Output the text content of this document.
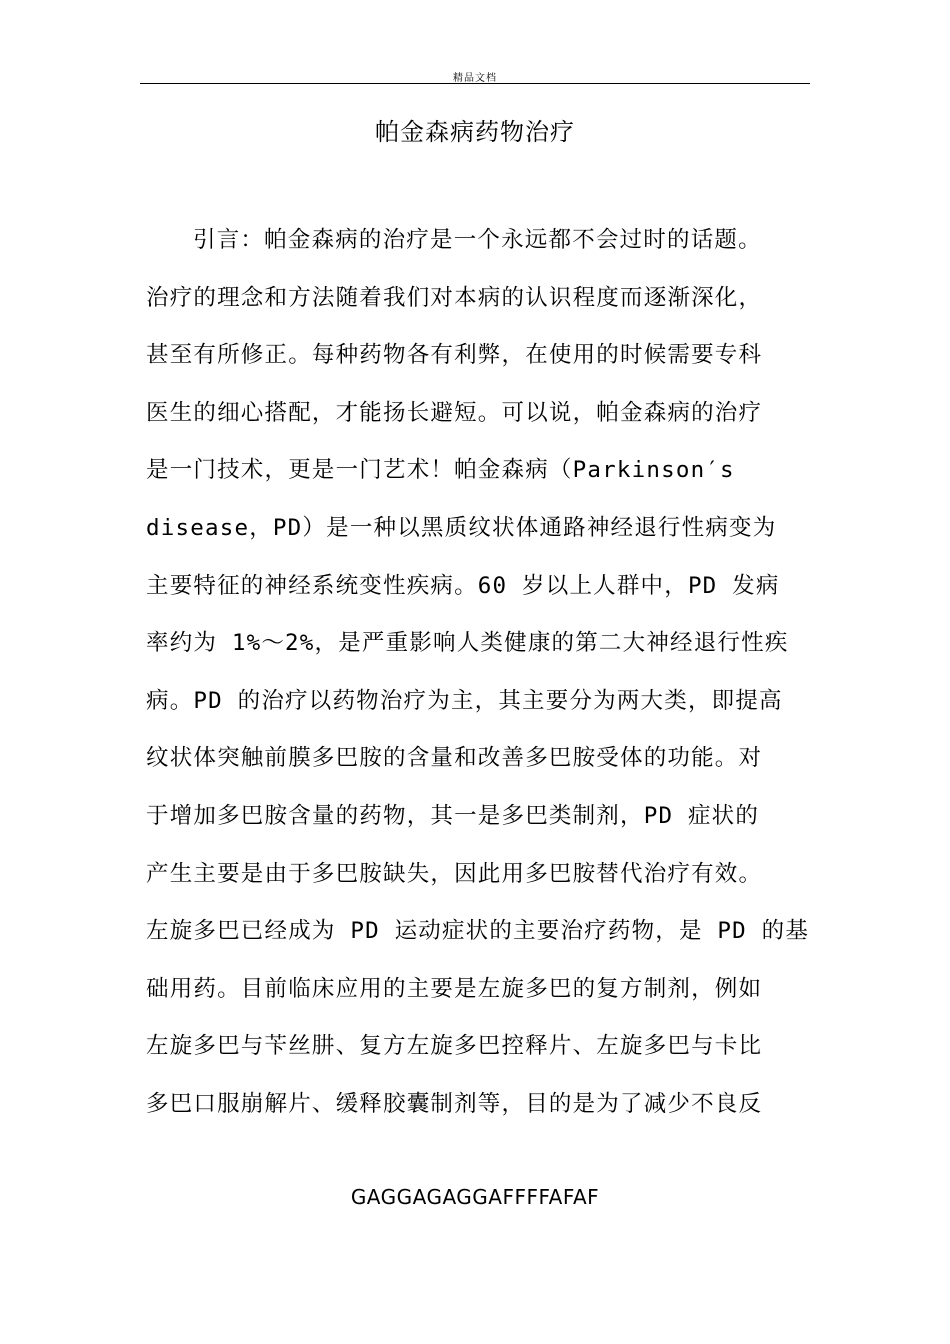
精品文档
帕金森病药物治疗
引言：帕金森病的治疗是一个永远都不会过时的话题。
治疗的理念和方法随着我们对本病的认识程度而逐渐深化，
甚至有所修正。每种药物各有利弊，在使用的时候需要专科
医生的细心搭配，才能扬长避短。可以说，帕金森病的治疗
是一门技术，更是一门艺术！帕金森病（Parkinson′s
disease，PD）是一种以黑质纹状体通路神经退行性病变为
主要特征的神经系统变性疾病。60 岁以上人群中，PD 发病
率约为 1%～2%，是严重影响人类健康的第二大神经退行性疾
病。PD 的治疗以药物治疗为主，其主要分为两大类，即提高
纹状体突触前膜多巴胺的含量和改善多巴胺受体的功能。对
于增加多巴胺含量的药物，其一是多巴类制剂，PD 症状的
产生主要是由于多巴胺缺失，因此用多巴胺替代治疗有效。
左旋多巴已经成为 PD 运动症状的主要治疗药物，是 PD 的基
础用药。目前临床应用的主要是左旋多巴的复方制剂，例如
左旋多巴与苄丝肼、复方左旋多巴控释片、左旋多巴与卡比
多巴口服崩解片、缓释胶囊制剂等，目的是为了减少不良反
GAGGAGAGGAFFFFAFAF
